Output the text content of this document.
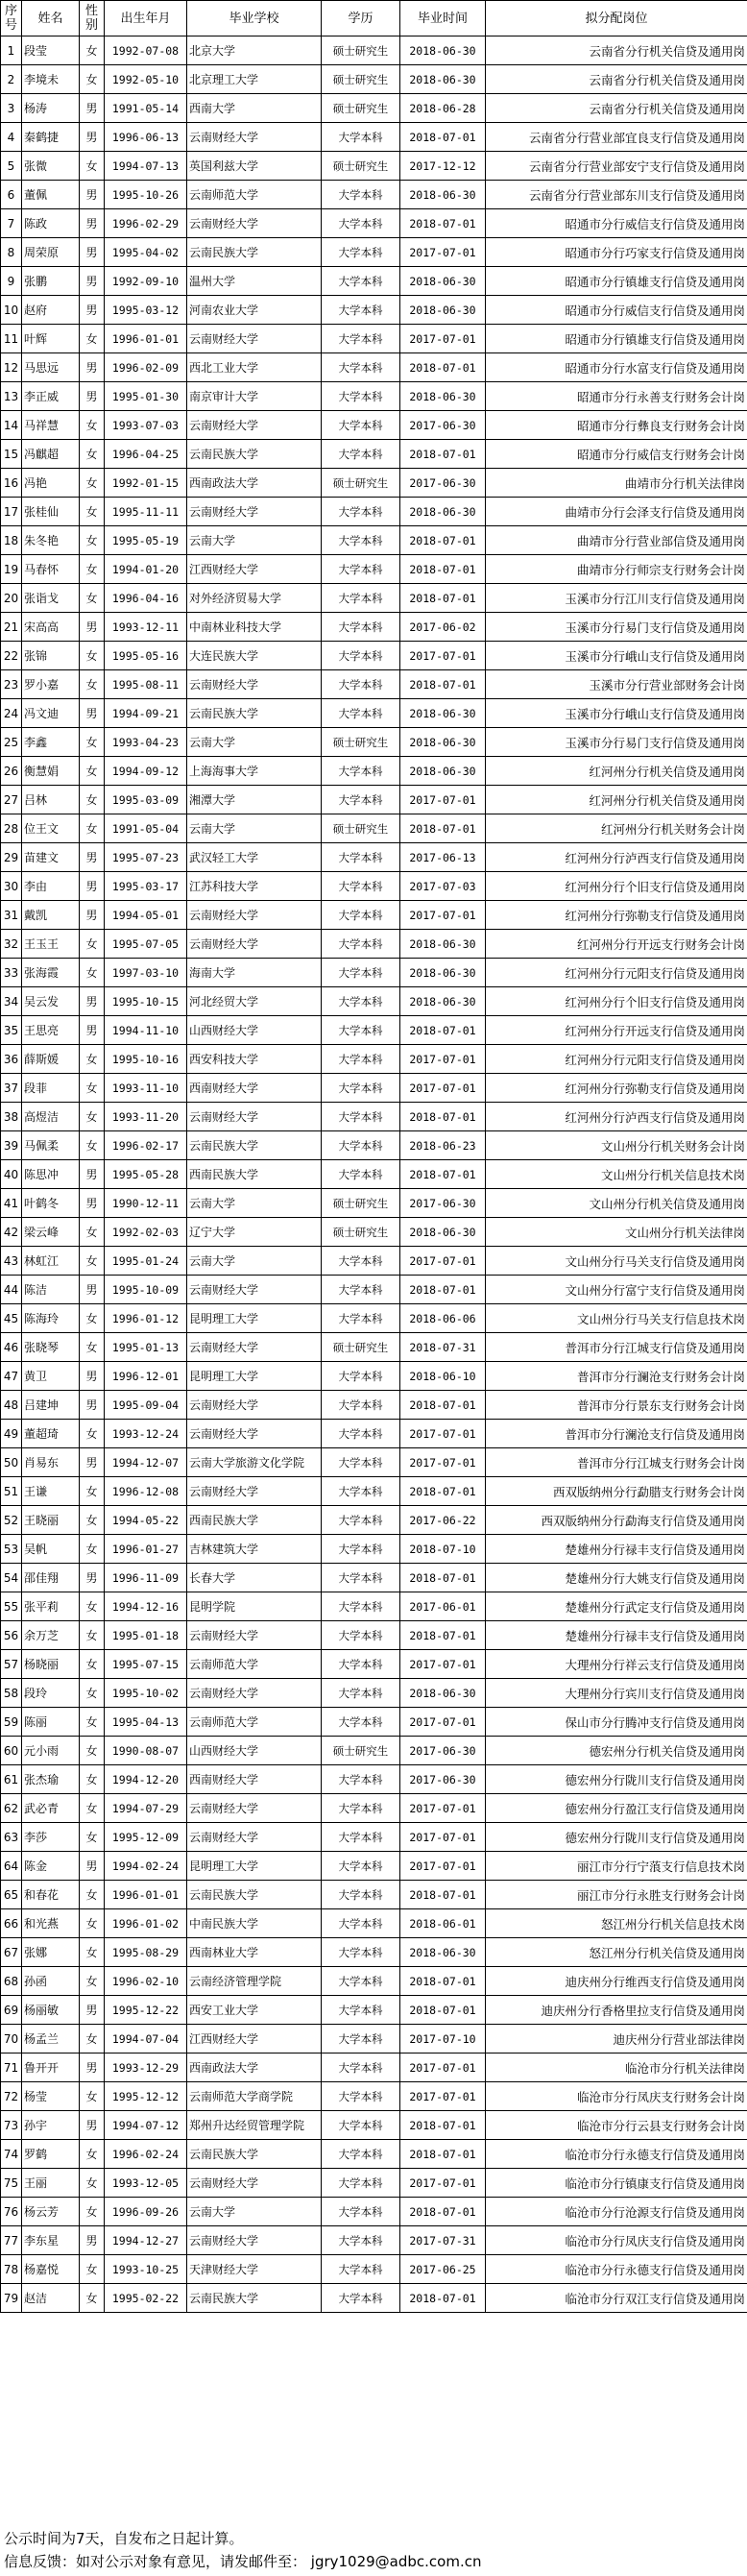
序号	姓名	性别	出生年月	毕业学校	学历	毕业时间	拟分配岗位
1	段莹	女	1992-07-08	北京大学	硕士研究生	2018-06-30	云南省分行机关信贷及通用岗
2	李境未	女	1992-05-10	北京理工大学	硕士研究生	2018-06-30	云南省分行机关信贷及通用岗
3	杨涛	男	1991-05-14	西南大学	硕士研究生	2018-06-28	云南省分行机关信贷及通用岗
4	秦鹤捷	男	1996-06-13	云南财经大学	大学本科	2018-07-01	云南省分行营业部宜良支行信贷及通用岗
5	张微	女	1994-07-13	英国利兹大学	硕士研究生	2017-12-12	云南省分行营业部安宁支行信贷及通用岗
6	董佩	男	1995-10-26	云南师范大学	大学本科	2018-06-30	云南省分行营业部东川支行信贷及通用岗
7	陈政	男	1996-02-29	云南财经大学	大学本科	2018-07-01	昭通市分行威信支行信贷及通用岗
8	周荣原	男	1995-04-02	云南民族大学	大学本科	2017-07-01	昭通市分行巧家支行信贷及通用岗
9	张鹏	男	1992-09-10	温州大学	大学本科	2018-06-30	昭通市分行镇雄支行信贷及通用岗
10	赵府	男	1995-03-12	河南农业大学	大学本科	2018-06-30	昭通市分行威信支行信贷及通用岗
11	叶辉	女	1996-01-01	云南财经大学	大学本科	2017-07-01	昭通市分行镇雄支行信贷及通用岗
12	马思远	男	1996-02-09	西北工业大学	大学本科	2018-07-01	昭通市分行水富支行信贷及通用岗
13	李正威	男	1995-01-30	南京审计大学	大学本科	2018-06-30	昭通市分行永善支行财务会计岗
14	马祥慧	女	1993-07-03	云南财经大学	大学本科	2017-06-30	昭通市分行彝良支行财务会计岗
15	冯麒超	女	1996-04-25	云南民族大学	大学本科	2018-07-01	昭通市分行威信支行财务会计岗
16	冯艳	女	1992-01-15	西南政法大学	硕士研究生	2017-06-30	曲靖市分行机关法律岗
17	张桂仙	女	1995-11-11	云南财经大学	大学本科	2018-06-30	曲靖市分行会泽支行信贷及通用岗
18	朱冬艳	女	1995-05-19	云南大学	大学本科	2018-07-01	曲靖市分行营业部信贷及通用岗
19	马春怀	女	1994-01-20	江西财经大学	大学本科	2018-07-01	曲靖市分行师宗支行财务会计岗
20	张诣戈	女	1996-04-16	对外经济贸易大学	大学本科	2018-07-01	玉溪市分行江川支行信贷及通用岗
21	宋高高	男	1993-12-11	中南林业科技大学	大学本科	2017-06-02	玉溪市分行易门支行信贷及通用岗
22	张锦	女	1995-05-16	大连民族大学	大学本科	2017-07-01	玉溪市分行峨山支行信贷及通用岗
23	罗小嘉	女	1995-08-11	云南财经大学	大学本科	2018-07-01	玉溪市分行营业部财务会计岗
24	冯文迪	男	1994-09-21	云南民族大学	大学本科	2018-06-30	玉溪市分行峨山支行信贷及通用岗
25	李鑫	女	1993-04-23	云南大学	硕士研究生	2018-06-30	玉溪市分行易门支行信贷及通用岗
26	衡慧娟	女	1994-09-12	上海海事大学	大学本科	2018-06-30	红河州分行机关信贷及通用岗
27	吕林	女	1995-03-09	湘潭大学	大学本科	2017-07-01	红河州分行机关信贷及通用岗
28	位王文	女	1991-05-04	云南大学	硕士研究生	2018-07-01	红河州分行机关财务会计岗
29	苗建文	男	1995-07-23	武汉轻工大学	大学本科	2017-06-13	红河州分行泸西支行信贷及通用岗
30	李由	男	1995-03-17	江苏科技大学	大学本科	2017-07-03	红河州分行个旧支行信贷及通用岗
31	戴凯	男	1994-05-01	云南财经大学	大学本科	2017-07-01	红河州分行弥勒支行信贷及通用岗
32	王玉王	女	1995-07-05	云南财经大学	大学本科	2018-06-30	红河州分行开远支行财务会计岗
33	张海霞	女	1997-03-10	海南大学	大学本科	2018-06-30	红河州分行元阳支行信贷及通用岗
34	吴云发	男	1995-10-15	河北经贸大学	大学本科	2018-06-30	红河州分行个旧支行信贷及通用岗
35	王思亮	男	1994-11-10	山西财经大学	大学本科	2018-07-01	红河州分行开远支行信贷及通用岗
36	薛斯媛	女	1995-10-16	西安科技大学	大学本科	2017-07-01	红河州分行元阳支行信贷及通用岗
37	段菲	女	1993-11-10	西南财经大学	大学本科	2017-07-01	红河州分行弥勒支行信贷及通用岗
38	高煜洁	女	1993-11-20	云南财经大学	大学本科	2018-07-01	红河州分行泸西支行信贷及通用岗
39	马佩柔	女	1996-02-17	云南民族大学	大学本科	2018-06-23	文山州分行机关财务会计岗
40	陈思冲	男	1995-05-28	西南民族大学	大学本科	2018-07-01	文山州分行机关信息技术岗
41	叶鹤冬	男	1990-12-11	云南大学	硕士研究生	2017-06-30	文山州分行机关信贷及通用岗
42	梁云峰	女	1992-02-03	辽宁大学	硕士研究生	2018-06-30	文山州分行机关法律岗
43	林虹江	女	1995-01-24	云南大学	大学本科	2017-07-01	文山州分行马关支行信贷及通用岗
44	陈洁	男	1995-10-09	云南财经大学	大学本科	2018-07-01	文山州分行富宁支行信贷及通用岗
45	陈海玲	女	1996-01-12	昆明理工大学	大学本科	2018-06-06	文山州分行马关支行信息技术岗
46	张晓琴	女	1995-01-13	云南财经大学	硕士研究生	2018-07-31	普洱市分行江城支行信贷及通用岗
47	黄卫	男	1996-12-01	昆明理工大学	大学本科	2018-06-10	普洱市分行澜沧支行财务会计岗
48	吕建坤	男	1995-09-04	云南财经大学	大学本科	2018-07-01	普洱市分行景东支行财务会计岗
49	董超琦	女	1993-12-24	云南财经大学	大学本科	2017-07-01	普洱市分行澜沧支行信贷及通用岗
50	肖易东	男	1994-12-07	云南大学旅游文化学院	大学本科	2017-07-01	普洱市分行江城支行财务会计岗
51	王谦	女	1996-12-08	云南财经大学	大学本科	2018-07-01	西双版纳州分行勐腊支行财务会计岗
52	王晓丽	女	1994-05-22	西南民族大学	大学本科	2017-06-22	西双版纳州分行勐海支行信贷及通用岗
53	吴帆	女	1996-01-27	吉林建筑大学	大学本科	2018-07-10	楚雄州分行禄丰支行信贷及通用岗
54	邵佳翔	男	1996-11-09	长春大学	大学本科	2018-07-01	楚雄州分行大姚支行信贷及通用岗
55	张平莉	女	1994-12-16	昆明学院	大学本科	2017-06-01	楚雄州分行武定支行信贷及通用岗
56	余万芝	女	1995-01-18	云南财经大学	大学本科	2018-07-01	楚雄州分行禄丰支行信贷及通用岗
57	杨晓丽	女	1995-07-15	云南师范大学	大学本科	2017-07-01	大理州分行祥云支行信贷及通用岗
58	段玲	女	1995-10-02	云南财经大学	大学本科	2018-06-30	大理州分行宾川支行信贷及通用岗
59	陈丽	女	1995-04-13	云南师范大学	大学本科	2017-07-01	保山市分行腾冲支行信贷及通用岗
60	元小雨	女	1990-08-07	山西财经大学	硕士研究生	2017-06-30	德宏州分行机关信贷及通用岗
61	张杰瑜	女	1994-12-20	西南财经大学	大学本科	2017-06-30	德宏州分行陇川支行信贷及通用岗
62	武必青	女	1994-07-29	云南财经大学	大学本科	2017-07-01	德宏州分行盈江支行信贷及通用岗
63	李莎	女	1995-12-09	云南财经大学	大学本科	2017-07-01	德宏州分行陇川支行信贷及通用岗
64	陈金	男	1994-02-24	昆明理工大学	大学本科	2017-07-01	丽江市分行宁蒗支行信息技术岗
65	和春花	女	1996-01-01	云南民族大学	大学本科	2018-07-01	丽江市分行永胜支行财务会计岗
66	和光燕	女	1996-01-02	中南民族大学	大学本科	2018-06-01	怒江州分行机关信息技术岗
67	张娜	女	1995-08-29	西南林业大学	大学本科	2018-06-30	怒江州分行机关信贷及通用岗
68	孙函	女	1996-02-10	云南经济管理学院	大学本科	2018-07-01	迪庆州分行维西支行信贷及通用岗
69	杨丽敏	男	1995-12-22	西安工业大学	大学本科	2018-07-01	迪庆州分行香格里拉支行信贷及通用岗
70	杨孟兰	女	1994-07-04	江西财经大学	大学本科	2017-07-10	迪庆州分行营业部法律岗
71	鲁开开	男	1993-12-29	西南政法大学	大学本科	2017-07-01	临沧市分行机关法律岗
72	杨莹	女	1995-12-12	云南师范大学商学院	大学本科	2017-07-01	临沧市分行凤庆支行财务会计岗
73	孙宇	男	1994-07-12	郑州升达经贸管理学院	大学本科	2018-07-01	临沧市分行云县支行财务会计岗
74	罗鹤	女	1996-02-24	云南民族大学	大学本科	2018-07-01	临沧市分行永德支行信贷及通用岗
75	王丽	女	1993-12-05	云南财经大学	大学本科	2017-07-01	临沧市分行镇康支行信贷及通用岗
76	杨云芳	女	1996-09-26	云南大学	大学本科	2018-07-01	临沧市分行沧源支行信贷及通用岗
77	李东星	男	1994-12-27	云南财经大学	大学本科	2017-07-31	临沧市分行凤庆支行信贷及通用岗
78	杨嘉悦	女	1993-10-25	天津财经大学	大学本科	2017-06-25	临沧市分行永德支行信贷及通用岗
79	赵洁	女	1995-02-22	云南民族大学	大学本科	2018-07-01	临沧市分行双江支行信贷及通用岗
公示时间为7天，自发布之日起计算。
信息反馈：如对公示对象有意见，请发邮件至： jgry1029@adbc.com.cn
